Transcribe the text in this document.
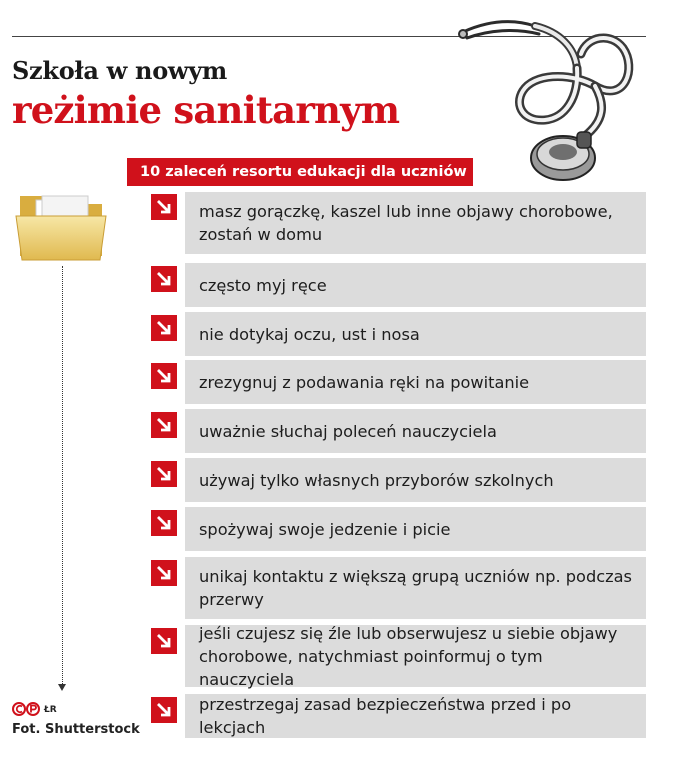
Szkoła w nowym
reżimie sanitarnym
10 zaleceń resortu edukacji dla uczniów
masz gorączkę, kaszel lub inne objawy chorobowe, zostań w domu
często myj ręce
nie dotykaj oczu, ust i nosa
zrezygnuj z podawania ręki na powitanie
uważnie słuchaj poleceń nauczyciela
używaj tylko własnych przyborów szkolnych
spożywaj swoje jedzenie i picie
unikaj kontaktu z większą grupą uczniów np. podczas przerwy
jeśli czujesz się źle lub obserwujesz u siebie objawy chorobowe, natychmiast poinformuj o tym nauczyciela
przestrzegaj zasad bezpieczeństwa przed i po lekcjach
ŁR
Fot. Shutterstock
